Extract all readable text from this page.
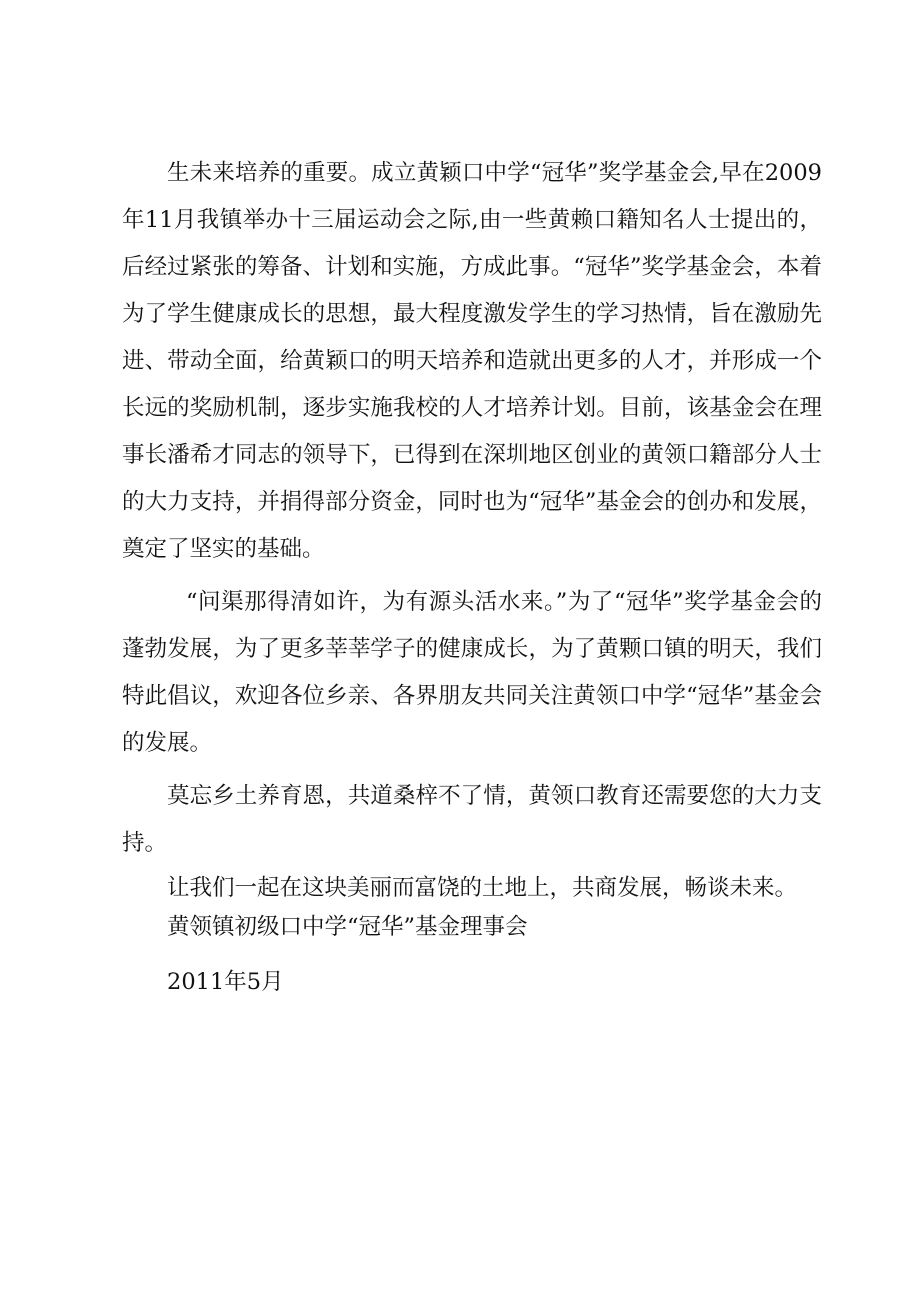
生未来培养的重要。成立黄颖口中学“冠华”奖学基金会,早在2009年11月我镇举办十三届运动会之际,由一些黄赖口籍知名人士提出的，后经过紧张的筹备、计划和实施，方成此事。“冠华”奖学基金会，本着为了学生健康成长的思想，最大程度激发学生的学习热情，旨在激励先进、带动全面，给黄颖口的明天培养和造就出更多的人才，并形成一个长远的奖励机制，逐步实施我校的人才培养计划。目前，该基金会在理事长潘希才同志的领导下，已得到在深圳地区创业的黄领口籍部分人士的大力支持，并捐得部分资金，同时也为“冠华”基金会的创办和发展，奠定了坚实的基础。

“问渠那得清如许，为有源头活水来。”为了“冠华”奖学基金会的蓬勃发展，为了更多莘莘学子的健康成长，为了黄颗口镇的明天，我们特此倡议，欢迎各位乡亲、各界朋友共同关注黄领口中学“冠华”基金会的发展。

莫忘乡土养育恩，共道桑梓不了情，黄领口教育还需要您的大力支持。

让我们一起在这块美丽而富饶的土地上，共商发展，畅谈未来。

黄领镇初级口中学“冠华”基金理事会

2011年5月
